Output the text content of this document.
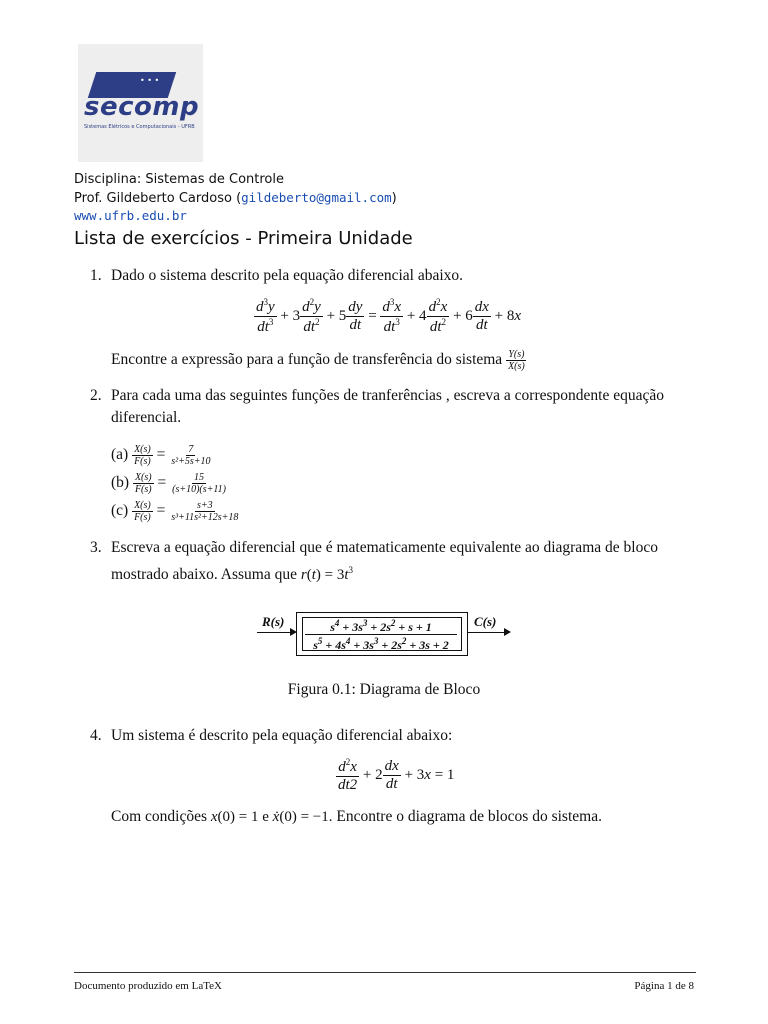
• • •
secomp
Sistemas Elétricos e Computacionais - UFRB
Disciplina: Sistemas de Controle
Prof. Gildeberto Cardoso (gildeberto@gmail.com)
www.ufrb.edu.br
Lista de exercícios - Primeira Unidade
1. Dado o sistema descrito pela equação diferencial abaixo.
$\frac{d^3y}{dt^3} + 3 \frac{d^2y}{dt^2} + 5 \frac{dy}{dt} = \frac{d^3x}{dt^3} + 4 \frac{d^2x}{dt^2} + 6 \frac{dx}{dt} + 8x$
Encontre a expressão para a função de transferência do sistema $\frac{Y(s)}{X(s)}$
2. Para cada uma das seguintes funções de tranferências , escreva a correspondente equação diferencial.
$(a) \frac{X(s)}{F(s)} = \frac{7}{\text{s²+5s+10}}$
$(b) \frac{X(s)}{F(s)} = \frac{15}{(s+10)(s+11)}$
$(c) \frac{X(s)}{F(s)} = \frac{s+3}{\text{s³+11s²+12s+18}}$
3. Escreva a equação diferencial que é matematicamente equivalente ao diagrama de bloco mostrado abaixo. Assuma que $r(t) = 3t^3$
R(s)	$s^4 + 3s^3 + 2s^2 + s + 1$
$s^5 + 4s^4 + 3s^3 + 2s^2 + 3s + 2$
C(s)
Figura 0.1: Diagrama de Bloco
4. Um sistema é descrito pela equação diferencial abaixo:
$\frac{d^2x}{dt2} + 2 \frac{dx}{dt} + 3x = 1$
Com condições x(0) = 1 e ẋ(0) = −1. Encontre o diagrama de blocos do sistema.
Documento produzido em LaTeX	Página 1 de 8
